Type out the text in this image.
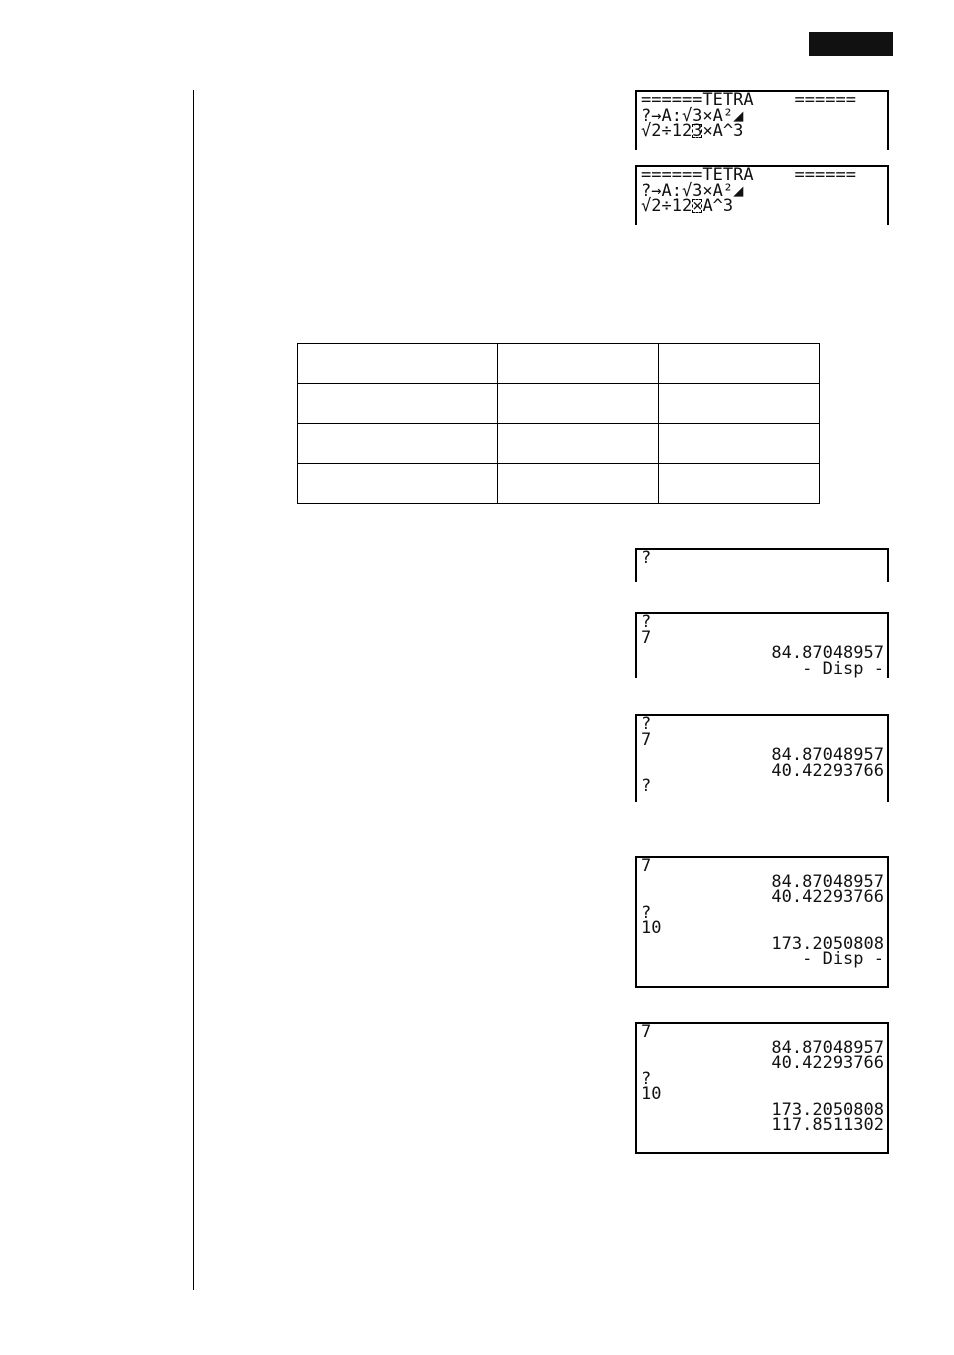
======TETRA    ======
?→A:√3×A²◢
√2÷123×A^3
======TETRA    ======
?→A:√3×A²◢
√2÷12×A^3

?
?
7
84.87048957
- Disp -
?
7
84.87048957
40.42293766
?
7
84.87048957
40.42293766
?
10
173.2050808
- Disp -
7
84.87048957
40.42293766
?
10
173.2050808
117.8511302
